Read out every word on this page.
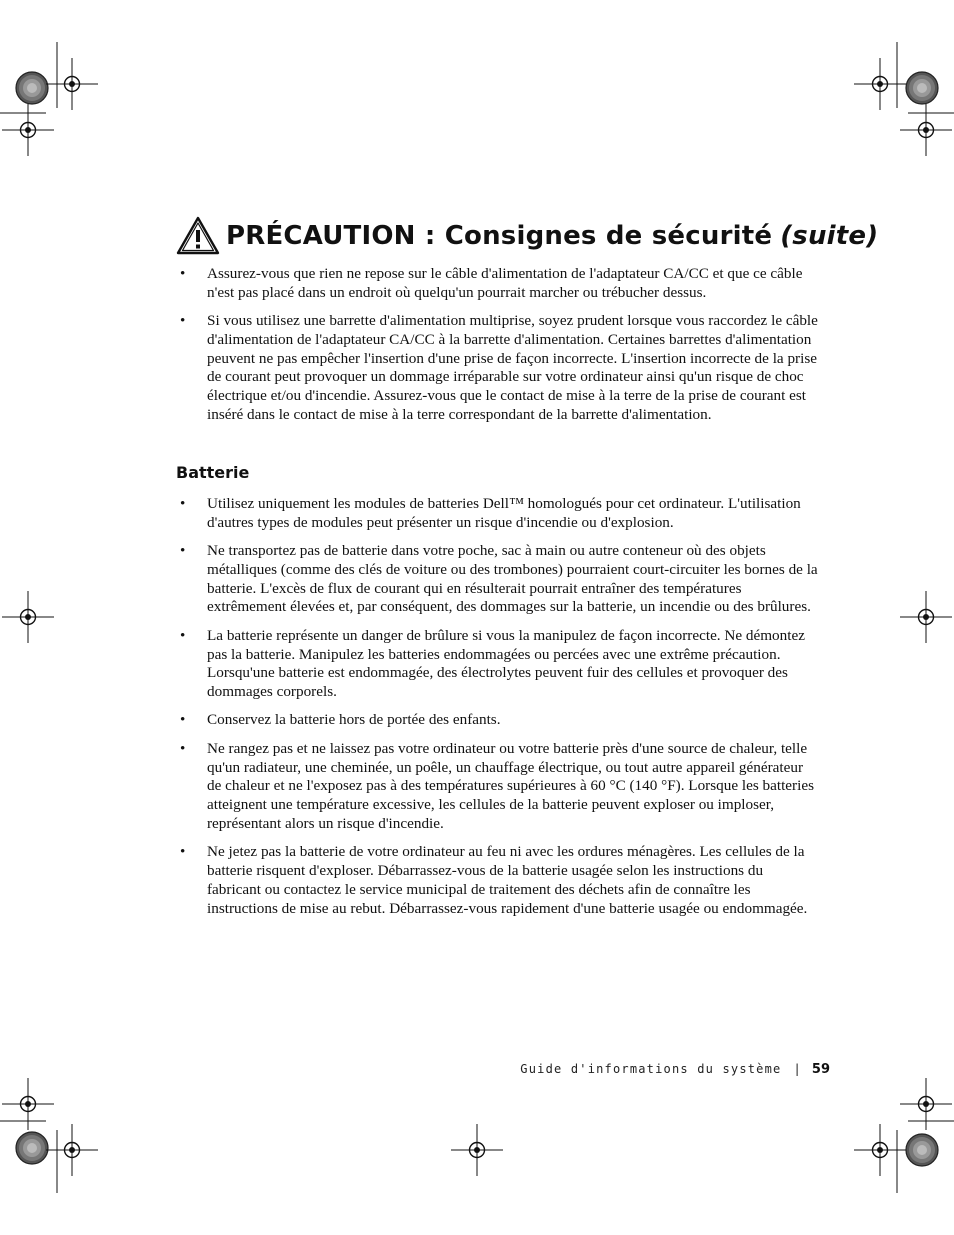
PRÉCAUTION : Consignes de sécurité (suite)
• Assurez-vous que rien ne repose sur le câble d'alimentation de l'adaptateur CA/CC et que ce câble n'est pas placé dans un endroit où quelqu'un pourrait marcher ou trébucher dessus.
• Si vous utilisez une barrette d'alimentation multiprise, soyez prudent lorsque vous raccordez le câble d'alimentation de l'adaptateur CA/CC à la barrette d'alimentation. Certaines barrettes d'alimentation peuvent ne pas empêcher l'insertion d'une prise de façon incorrecte. L'insertion incorrecte de la prise de courant peut provoquer un dommage irréparable sur votre ordinateur ainsi qu'un risque de choc électrique et/ou d'incendie. Assurez-vous que le contact de mise à la terre de la prise de courant est inséré dans le contact de mise à la terre correspondant de la barrette d'alimentation.
Batterie
• Utilisez uniquement les modules de batteries Dell™ homologués pour cet ordinateur. L'utilisation d'autres types de modules peut présenter un risque d'incendie ou d'explosion.
• Ne transportez pas de batterie dans votre poche, sac à main ou autre conteneur où des objets métalliques (comme des clés de voiture ou des trombones) pourraient court-circuiter les bornes de la batterie. L'excès de flux de courant qui en résulterait pourrait entraîner des températures extrêmement élevées et, par conséquent, des dommages sur la batterie, un incendie ou des brûlures.
• La batterie représente un danger de brûlure si vous la manipulez de façon incorrecte. Ne démontez pas la batterie. Manipulez les batteries endommagées ou percées avec une extrême précaution. Lorsqu'une batterie est endommagée, des électrolytes peuvent fuir des cellules et provoquer des dommages corporels.
• Conservez la batterie hors de portée des enfants.
• Ne rangez pas et ne laissez pas votre ordinateur ou votre batterie près d'une source de chaleur, telle qu'un radiateur, une cheminée, un poêle, un chauffage électrique, ou tout autre appareil générateur de chaleur et ne l'exposez pas à des températures supérieures à 60 °C (140 °F). Lorsque les batteries atteignent une température excessive, les cellules de la batterie peuvent exploser ou imploser, représentant alors un risque d'incendie.
• Ne jetez pas la batterie de votre ordinateur au feu ni avec les ordures ménagères. Les cellules de la batterie risquent d'exploser. Débarrassez-vous de la batterie usagée selon les instructions du fabricant ou contactez le service municipal de traitement des déchets afin de connaître les instructions de mise au rebut. Débarrassez-vous rapidement d'une batterie usagée ou endommagée.
Guide d'informations du système | 59
